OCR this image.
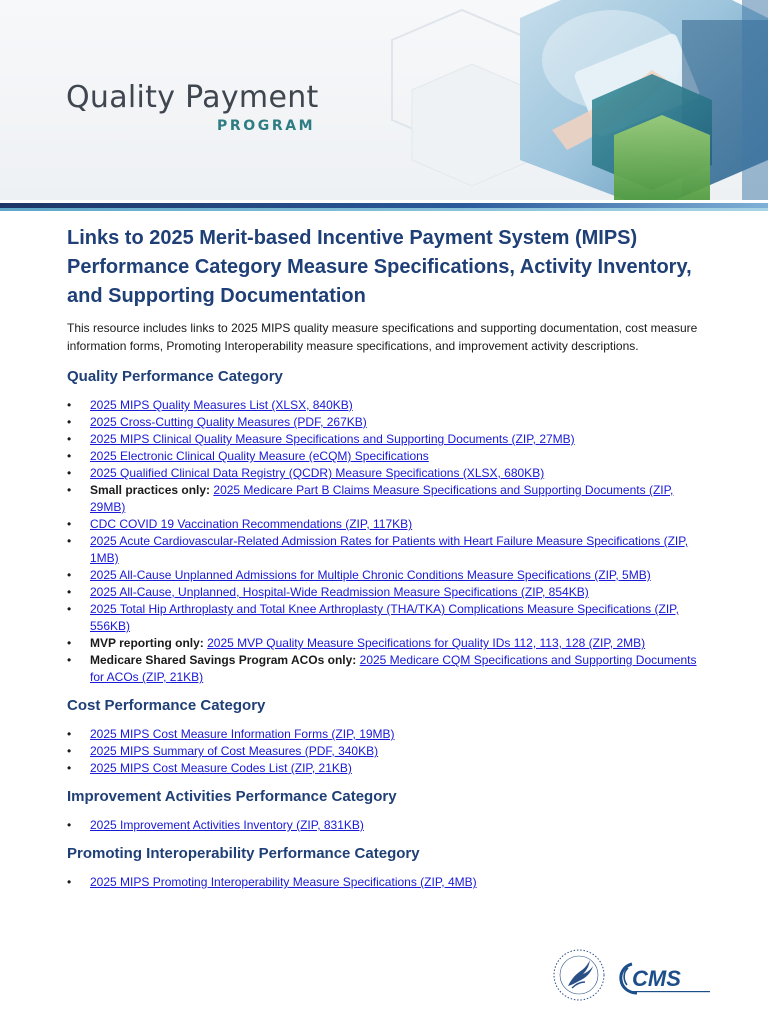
Quality Payment
PROGRAM
Links to 2025 Merit-based Incentive Payment System (MIPS) Performance Category Measure Specifications, Activity Inventory, and Supporting Documentation

This resource includes links to 2025 MIPS quality measure specifications and supporting documentation, cost measure information forms, Promoting Interoperability measure specifications, and improvement activity descriptions.

Quality Performance Category
• 2025 MIPS Quality Measures List (XLSX, 840KB)
• 2025 Cross-Cutting Quality Measures (PDF, 267KB)
• 2025 MIPS Clinical Quality Measure Specifications and Supporting Documents (ZIP, 27MB)
• 2025 Electronic Clinical Quality Measure (eCQM) Specifications
• 2025 Qualified Clinical Data Registry (QCDR) Measure Specifications (XLSX, 680KB)
• Small practices only: 2025 Medicare Part B Claims Measure Specifications and Supporting Documents (ZIP, 29MB)
• CDC COVID 19 Vaccination Recommendations (ZIP, 117KB)
• 2025 Acute Cardiovascular-Related Admission Rates for Patients with Heart Failure Measure Specifications (ZIP, 1MB)
• 2025 All-Cause Unplanned Admissions for Multiple Chronic Conditions Measure Specifications (ZIP, 5MB)
• 2025 All-Cause, Unplanned, Hospital-Wide Readmission Measure Specifications (ZIP, 854KB)
• 2025 Total Hip Arthroplasty and Total Knee Arthroplasty (THA/TKA) Complications Measure Specifications (ZIP, 556KB)
• MVP reporting only: 2025 MVP Quality Measure Specifications for Quality IDs 112, 113, 128 (ZIP, 2MB)
• Medicare Shared Savings Program ACOs only: 2025 Medicare CQM Specifications and Supporting Documents for ACOs (ZIP, 21KB)
Cost Performance Category
• 2025 MIPS Cost Measure Information Forms (ZIP, 19MB)
• 2025 MIPS Summary of Cost Measures (PDF, 340KB)
• 2025 MIPS Cost Measure Codes List (ZIP, 21KB)
Improvement Activities Performance Category
• 2025 Improvement Activities Inventory (ZIP, 831KB)
Promoting Interoperability Performance Category
• 2025 MIPS Promoting Interoperability Measure Specifications (ZIP, 4MB)
CMS
